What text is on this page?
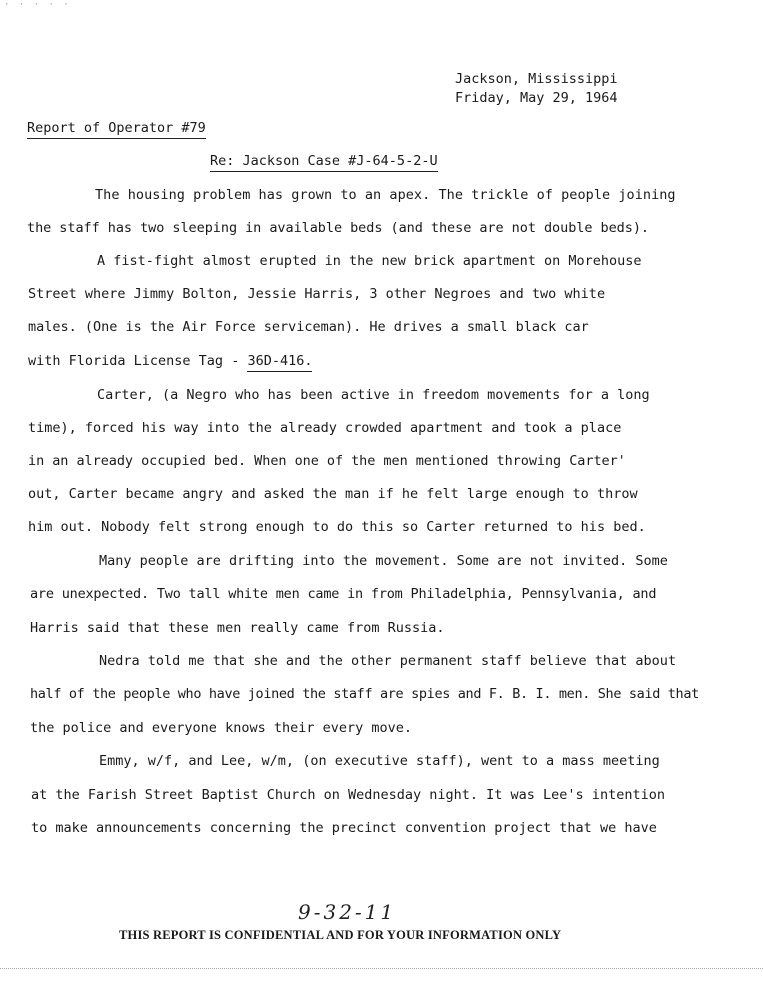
· · · · ·
Jackson, Mississippi
Friday, May 29, 1964
Report of Operator #79
Re: Jackson Case #J-64-5-2-U
The housing problem has grown to an apex. The trickle of people joining
the staff has two sleeping in available beds (and these are not double beds).
A fist-fight almost erupted in the new brick apartment on Morehouse
Street where Jimmy Bolton, Jessie Harris, 3 other Negroes and two white
males. (One is the Air Force serviceman). He drives a small black car
with Florida License Tag - 36D-416.
Carter, (a Negro who has been active in freedom movements for a long
time), forced his way into the already crowded apartment and took a place
in an already occupied bed. When one of the men mentioned throwing Carter'
out, Carter became angry and asked the man if he felt large enough to throw
him out. Nobody felt strong enough to do this so Carter returned to his bed.
Many people are drifting into the movement. Some are not invited. Some
are unexpected. Two tall white men came in from Philadelphia, Pennsylvania, and
Harris said that these men really came from Russia.
Nedra told me that she and the other permanent staff believe that about
half of the people who have joined the staff are spies and F. B. I. men. She said that
the police and everyone knows their every move.
Emmy, w/f, and Lee, w/m, (on executive staff), went to a mass meeting
at the Farish Street Baptist Church on Wednesday night. It was Lee's intention
to make announcements concerning the precinct convention project that we have
9-32-11
THIS REPORT IS CONFIDENTIAL AND FOR YOUR INFORMATION ONLY
